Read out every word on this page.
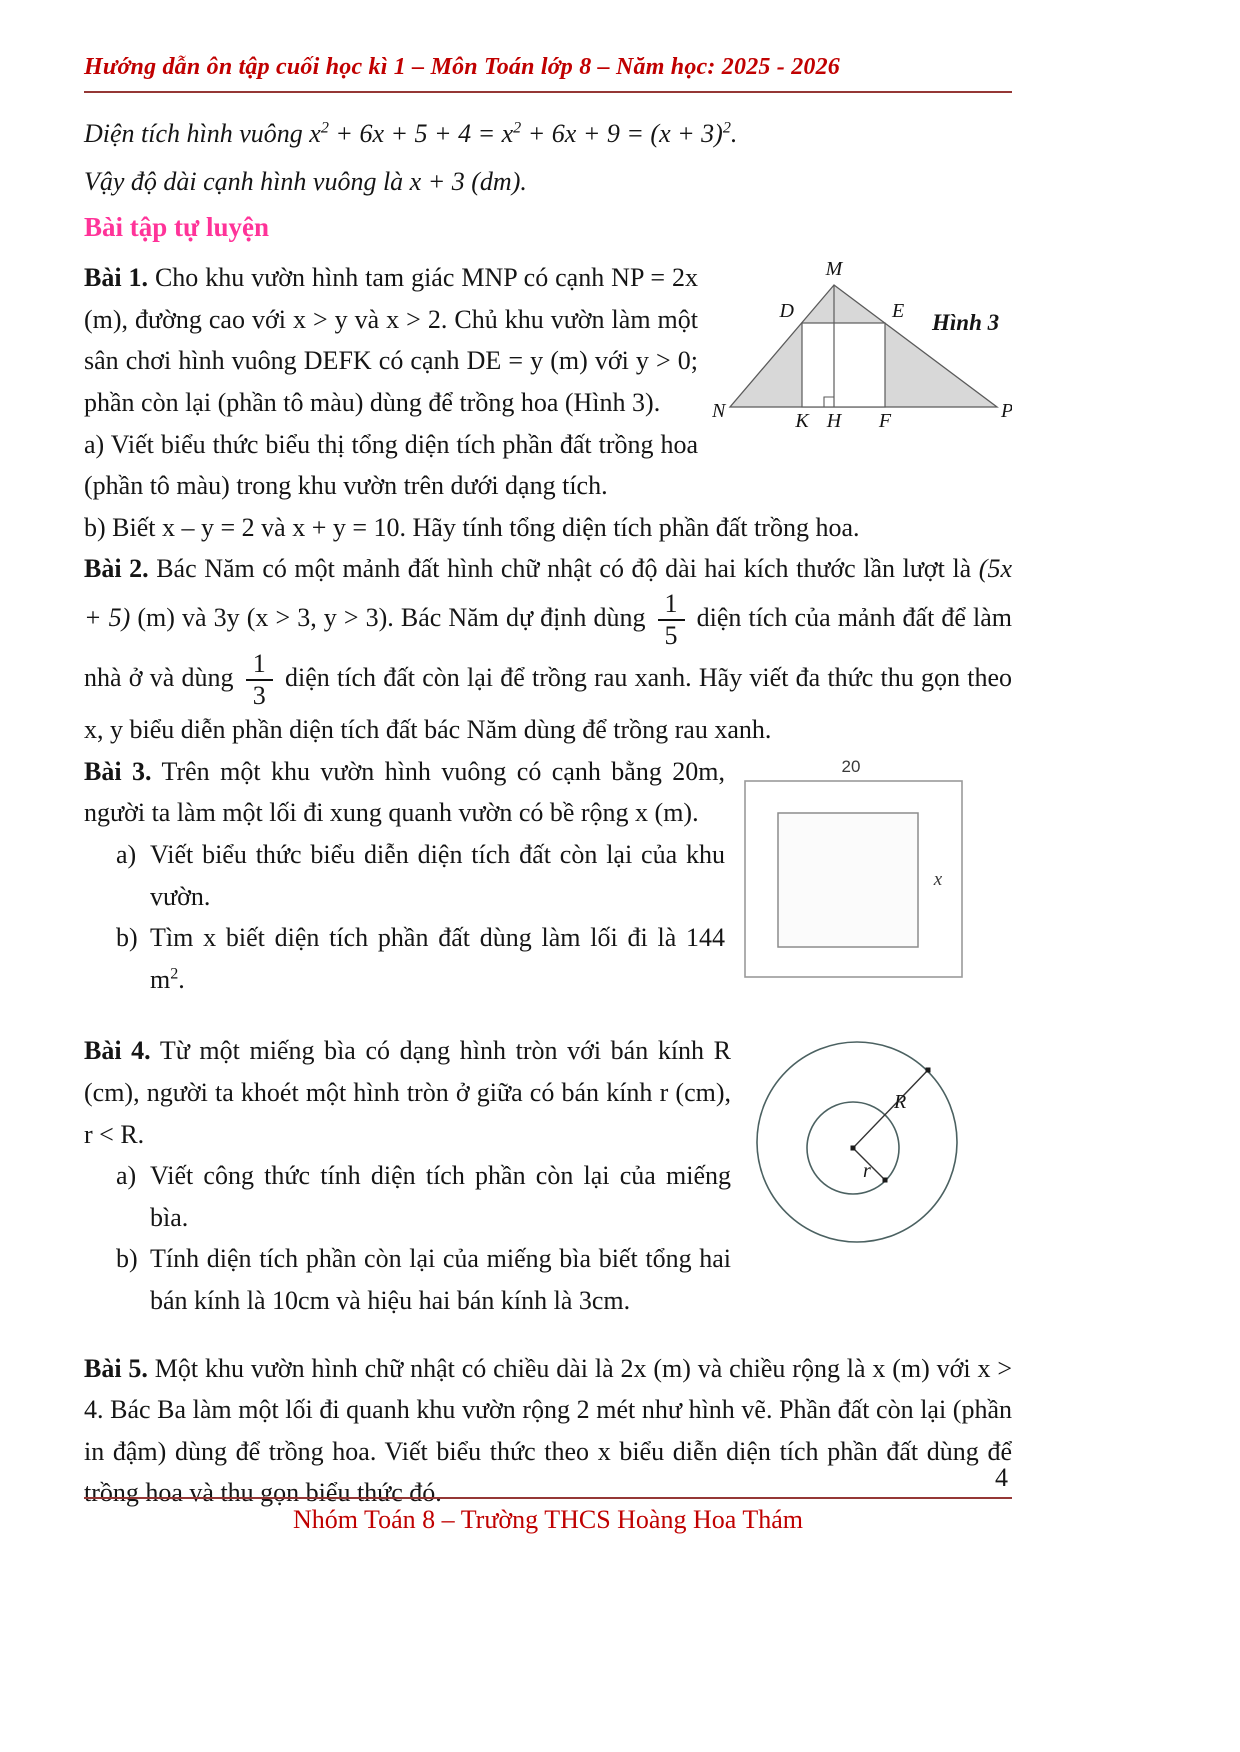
Hướng dẫn ôn tập cuối học kì 1 – Môn Toán lớp 8 – Năm học: 2025 - 2026

Diện tích hình vuông $x^2 + 6x + 5 + 4 = x^2 + 6x + 9 = (x + 3)^2$.

Vậy độ dài cạnh hình vuông là x + 3 (dm).

Bài tập tự luyện

M
D	E
N	K H F	P
Hình 3
Bài 1. Cho khu vườn hình tam giác MNP có cạnh NP = 2x (m), đường cao với x > y và x > 2. Chủ khu vườn làm một sân chơi hình vuông DEFK có cạnh DE = y (m) với y > 0; phần còn lại (phần tô màu) dùng để trồng hoa (Hình 3).

a) Viết biểu thức biểu thị tổng diện tích phần đất trồng hoa (phần tô màu) trong khu vườn trên dưới dạng tích.

b) Biết x – y = 2 và x + y = 10. Hãy tính tổng diện tích phần đất trồng hoa.

Bài 2. Bác Năm có một mảnh đất hình chữ nhật có độ dài hai kích thước lần lượt là (5x + 5) (m) và 3y (x > 3, y > 3). Bác Năm dự định dùng $\frac{1}{5}$ diện tích của mảnh đất để làm nhà ở và dùng $\frac{1}{3}$ diện tích đất còn lại để trồng rau xanh. Hãy viết đa thức thu gọn theo x, y biểu diễn phần diện tích đất bác Năm dùng để trồng rau xanh.

20
x
Bài 3. Trên một khu vườn hình vuông có cạnh bằng 20m, người ta làm một lối đi xung quanh vườn có bề rộng x (m).

a) Viết biểu thức biểu diễn diện tích đất còn lại của khu vườn.

b) Tìm x biết diện tích phần đất dùng làm lối đi là 144 $m^2$.

R
r
Bài 4. Từ một miếng bìa có dạng hình tròn với bán kính R (cm), người ta khoét một hình tròn ở giữa có bán kính r (cm), r < R.

a) Viết công thức tính diện tích phần còn lại của miếng bìa.

b) Tính diện tích phần còn lại của miếng bìa biết tổng hai bán kính là 10cm và hiệu hai bán kính là 3cm.

Bài 5. Một khu vườn hình chữ nhật có chiều dài là 2x (m) và chiều rộng là x (m) với x > 4. Bác Ba làm một lối đi quanh khu vườn rộng 2 mét như hình vẽ. Phần đất còn lại (phần in đậm) dùng để trồng hoa. Viết biểu thức theo x biểu diễn diện tích phần đất dùng để trồng hoa và thu gọn biểu thức đó.

4
Nhóm Toán 8 – Trường THCS Hoàng Hoa Thám
